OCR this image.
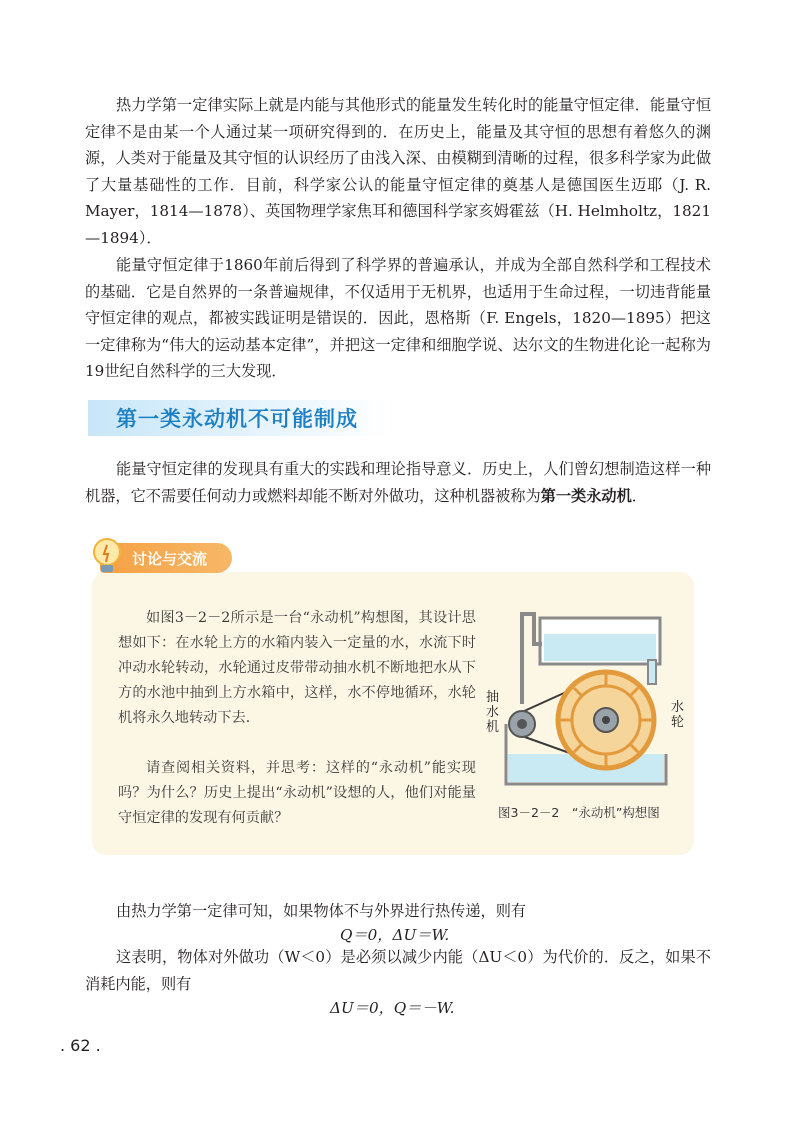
热力学第一定律实际上就是内能与其他形式的能量发生转化时的能量守恒定律．能量守恒定律不是由某一个人通过某一项研究得到的．在历史上，能量及其守恒的思想有着悠久的渊源，人类对于能量及其守恒的认识经历了由浅入深、由模糊到清晰的过程，很多科学家为此做了大量基础性的工作．目前，科学家公认的能量守恒定律的奠基人是德国医生迈耶（J. R. Mayer，1814—1878）、英国物理学家焦耳和德国科学家亥姆霍兹（H. Helmholtz，1821—1894）．

能量守恒定律于1860年前后得到了科学界的普遍承认，并成为全部自然科学和工程技术的基础．它是自然界的一条普遍规律，不仅适用于无机界，也适用于生命过程，一切违背能量守恒定律的观点，都被实践证明是错误的．因此，恩格斯（F. Engels，1820—1895）把这一定律称为“伟大的运动基本定律”，并把这一定律和细胞学说、达尔文的生物进化论一起称为19世纪自然科学的三大发现．

第一类永动机不可能制成

能量守恒定律的发现具有重大的实践和理论指导意义．历史上，人们曾幻想制造这样一种机器，它不需要任何动力或燃料却能不断对外做功，这种机器被称为第一类永动机．

讨论与交流

如图3－2－2所示是一台“永动机”构想图，其设计思想如下：在水轮上方的水箱内装入一定量的水，水流下时冲动水轮转动，水轮通过皮带带动抽水机不断地把水从下方的水池中抽到上方水箱中，这样，水不停地循环，水轮机将永久地转动下去．

请查阅相关资料，并思考：这样的“永动机”能实现吗？为什么？历史上提出“永动机”设想的人，他们对能量守恒定律的发现有何贡献？

抽水机
水轮
图3－2－2　“永动机”构想图

由热力学第一定律可知，如果物体不与外界进行热传递，则有

Q＝0，ΔU＝W.

这表明，物体对外做功（W＜0）是必须以减少内能（ΔU＜0）为代价的．反之，如果不消耗内能，则有

ΔU＝0，Q＝－W.
. 62 .
